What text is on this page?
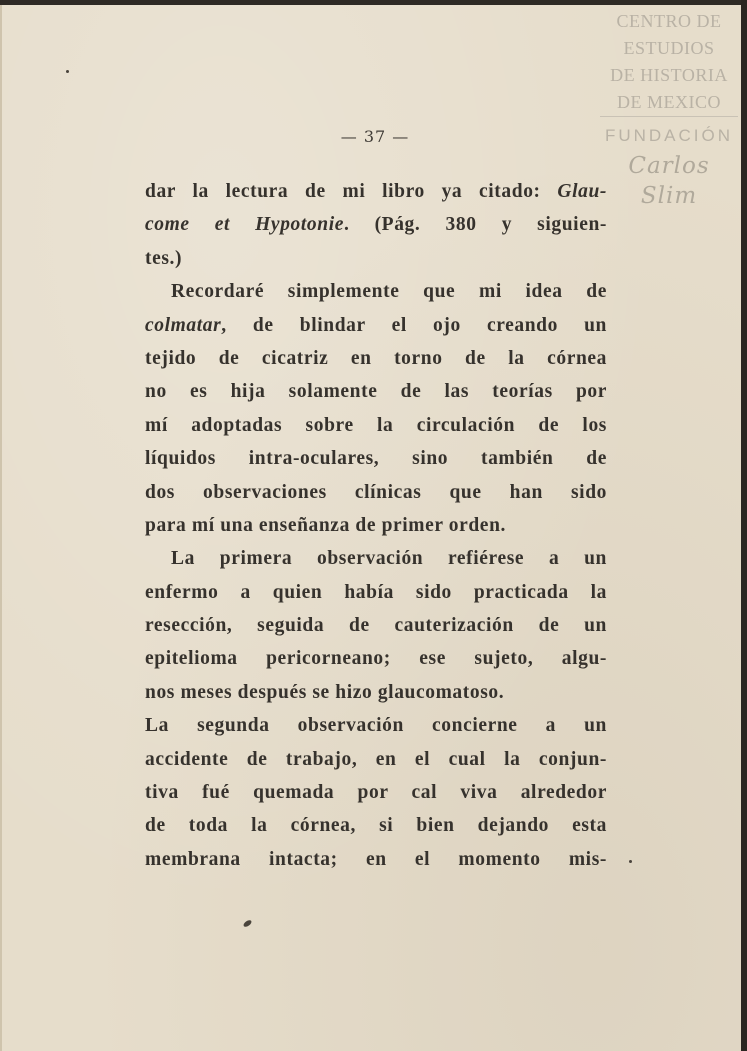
CENTRO DE
ESTUDIOS
DE HISTORIA
DE MEXICO
FUNDACIÓN
Carlos Slim
— 37 —
dar la lectura de mi libro ya citado: Glau-
come et Hypotonie. (Pág. 380 y siguien-
tes.)
Recordaré simplemente que mi idea de
colmatar, de blindar el ojo creando un
tejido de cicatriz en torno de la córnea
no es hija solamente de las teorías por
mí adoptadas sobre la circulación de los
líquidos intra-oculares, sino también de
dos observaciones clínicas que han sido
para mí una enseñanza de primer orden.
La primera observación refiérese a un
enfermo a quien había sido practicada la
resección, seguida de cauterización de un
epitelioma pericorneano; ese sujeto, algu-
nos meses después se hizo glaucomatoso.
La segunda observación concierne a un
accidente de trabajo, en el cual la conjun-
tiva fué quemada por cal viva alrededor
de toda la córnea, si bien dejando esta
membrana intacta; en el momento mis-
